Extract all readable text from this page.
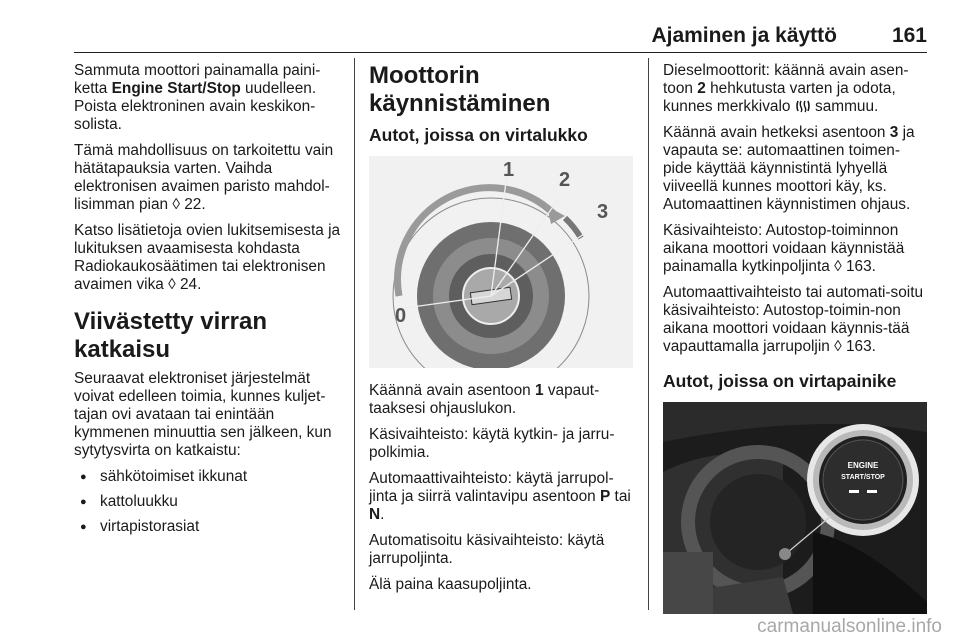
Ajaminen ja käyttö	161

Sammuta moottori painamalla paini-ketta Engine Start/Stop uudelleen. Poista elektroninen avain keskikon-solista.

Tämä mahdollisuus on tarkoitettu vain hätätapauksia varten. Vaihda elektronisen avaimen paristo mahdol-lisimman pian ◊ 22.

Katso lisätietoja ovien lukitsemisesta ja lukituksen avaamisesta kohdasta Radiokaukosäätimen tai elektronisen avaimen vika ◊ 24.

Viivästetty virran katkaisu

Seuraavat elektroniset järjestelmät voivat edelleen toimia, kunnes kuljet-tajan ovi avataan tai enintään kymmenen minuuttia sen jälkeen, kun sytytysvirta on katkaistu:

● sähkötoimiset ikkunat
● kattoluukku
● virtapistorasiat
Moottorin käynnistäminen
Autot, joissa on virtalukko
0
1 2
3

Käännä avain asentoon 1 vapaut-taaksesi ohjauslukon.

Käsivaihteisto: käytä kytkin- ja jarru-polkimia.

Automaattivaihteisto: käytä jarrupol-jinta ja siirrä valintavipu asentoon P tai N.

Automatisoitu käsivaihteisto: käytä jarrupoljinta.

Älä paina kaasupoljinta.

Dieselmoottorit: käännä avain asen-toon 2 hehkutusta varten ja odota, kunnes merkkivalo  sammuu.

Käännä avain hetkeksi asentoon 3 ja vapauta se: automaattinen toimen-pide käyttää käynnistintä lyhyellä viiveellä kunnes moottori käy, ks. Automaattinen käynnistimen ohjaus.

Käsivaihteisto: Autostop-toiminnon aikana moottori voidaan käynnistää painamalla kytkinpoljinta ◊ 163.

Automaattivaihteisto tai automati-soitu käsivaihteisto: Autostop-toimin-non aikana moottori voidaan käynnis-tää vapauttamalla jarrupoljin ◊ 163.

Autot, joissa on virtapainike
ENGINE
START/STOP
carmanualsonline.info
